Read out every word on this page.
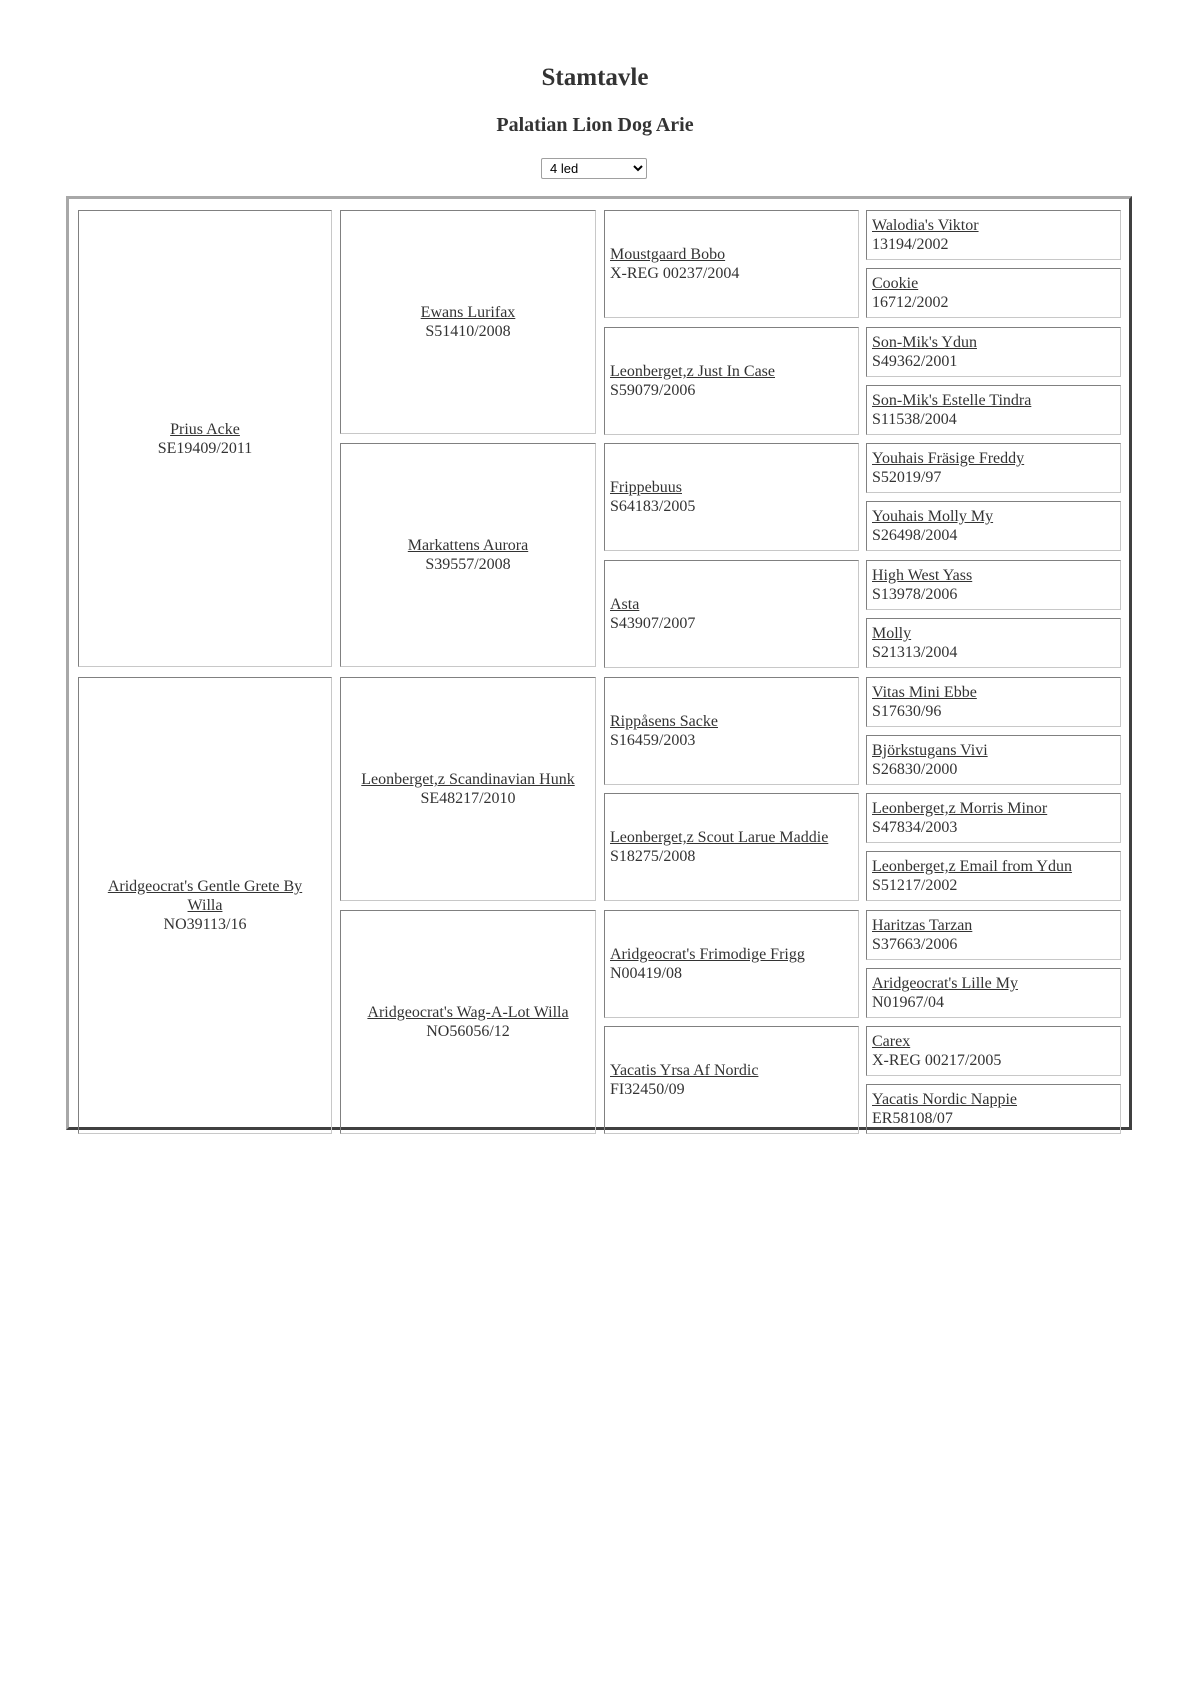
Stamtavle
Palatian Lion Dog Arie
4 led
Prius Acke
SE19409/2011
Aridgeocrat's Gentle Grete By Willa
NO39113/16
Ewans Lurifax
S51410/2008
Markattens Aurora
S39557/2008
Leonberget,z Scandinavian Hunk
SE48217/2010
Aridgeocrat's Wag-A-Lot Willa
NO56056/12
Moustgaard Bobo
X-REG 00237/2004
Leonberget,z Just In Case
S59079/2006
Frippebuus
S64183/2005
Asta
S43907/2007
Rippåsens Sacke
S16459/2003
Leonberget,z Scout Larue Maddie
S18275/2008
Aridgeocrat's Frimodige Frigg
N00419/08
Yacatis Yrsa Af Nordic
FI32450/09
Walodia's Viktor
13194/2002
Cookie
16712/2002
Son-Mik's Ydun
S49362/2001
Son-Mik's Estelle Tindra
S11538/2004
Youhais Fräsige Freddy
S52019/97
Youhais Molly My
S26498/2004
High West Yass
S13978/2006
Molly
S21313/2004
Vitas Mini Ebbe
S17630/96
Björkstugans Vivi
S26830/2000
Leonberget,z Morris Minor
S47834/2003
Leonberget,z Email from Ydun
S51217/2002
Haritzas Tarzan
S37663/2006
Aridgeocrat's Lille My
N01967/04
Carex
X-REG 00217/2005
Yacatis Nordic Nappie
ER58108/07
